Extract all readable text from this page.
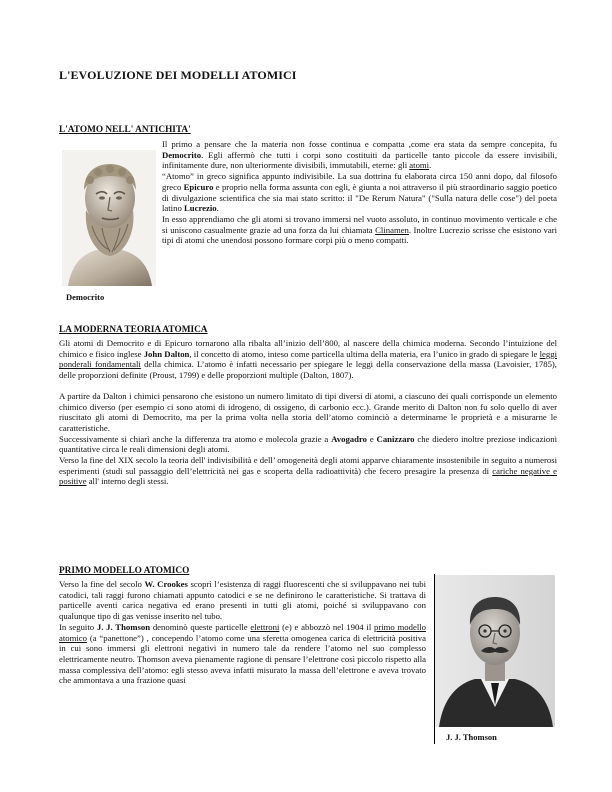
L'EVOLUZIONE DEI MODELLI ATOMICI
L'ATOMO NELL' ANTICHITA'
Democrito

Il primo a pensare che la materia non fosse continua e compatta ,come era stata da sempre concepita, fu Democrito. Egli affermò che tutti i corpi sono costituiti da particelle tanto piccole da essere invisibili, infinitamente dure, non ulteriormente divisibili, immutabili, eterne: gli atomi.

“Atomo” in greco significa appunto indivisibile. La sua dottrina fu elaborata circa 150 anni dopo, dal filosofo greco Epicuro e proprio nella forma assunta con egli, è giunta a noi attraverso il più straordinario saggio poetico di divulgazione scientifica che sia mai stato scritto: il "De Rerum Natura" ("Sulla natura delle cose") del poeta latino Lucrezio.

In esso apprendiamo che gli atomi si trovano immersi nel vuoto assoluto, in continuo movimento verticale e che si uniscono casualmente grazie ad una forza da lui chiamata Clinamen. Inoltre Lucrezio scrisse che esistono vari tipi di atomi che unendosi possono formare corpi più o meno compatti.

LA MODERNA TEORIA ATOMICA

Gli atomi di Democrito e di Epicuro tornarono alla ribalta all’inizio dell’800, al nascere della chimica moderna. Secondo l’intuizione del chimico e fisico inglese John Dalton, il concetto di atomo, inteso come particella ultima della materia, era l’unico in grado di spiegare le leggi ponderali fondamentali della chimica. L’atomo è infatti necessario per spiegare le leggi della conservazione della massa (Lavoisier, 1785), delle proporzioni definite (Proust, 1799) e delle proporzioni multiple (Dalton, 1807).

A partire da Dalton i chimici pensarono che esistono un numero limitato di tipi diversi di atomi, a ciascuno dei quali corrisponde un elemento chimico diverso (per esempio ci sono atomi di idrogeno, di ossigeno, di carbonio ecc.). Grande merito di Dalton non fu solo quello di aver riuscitato gli atomi di Democrito, ma per la prima volta nella storia dell’atomo cominciò a determinarne le proprietà e a misurarne le caratteristiche.

Successivamente si chiarì anche la differenza tra atomo e molecola grazie a Avogadro e Canizzaro che diedero inoltre preziose indicazioni quantitative circa le reali dimensioni degli atomi.

Verso la fine del XIX secolo la teoria dell' indivisibilità e dell’ omogeneità degli atomi apparve chiaramente insostenibile in seguito a numerosi esperimenti (studi sul passaggio dell’elettricità nei gas e scoperta della radioattività) che fecero presagire la presenza di cariche negative e positive all' interno degli stessi.

PRIMO MODELLO ATOMICO

Verso la fine del secolo W. Crookes scoprì l’esistenza di raggi fluorescenti che si sviluppavano nei tubi catodici, tali raggi furono chiamati appunto catodici e se ne definirono le caratteristiche. Si trattava di particelle aventi carica negativa ed erano presenti in tutti gli atomi, poiché si sviluppavano con qualunque tipo di gas venisse inserito nel tubo.

In seguito J. J. Thomson denominò queste particelle elettroni (e) e abbozzò nel 1904 il primo modello atomico (a “panettone”) , concependo l’atomo come una sferetta omogenea carica di elettricità positiva in cui sono immersi gli elettroni negativi in numero tale da rendere l’atomo nel suo complesso elettricamente neutro. Thomson aveva pienamente ragione di pensare l’elettrone così piccolo rispetto alla massa complessiva dell’atomo: egli stesso aveva infatti misurato la massa dell’elettrone e aveva trovato che ammontava a una frazione quasi

J. J. Thomson
